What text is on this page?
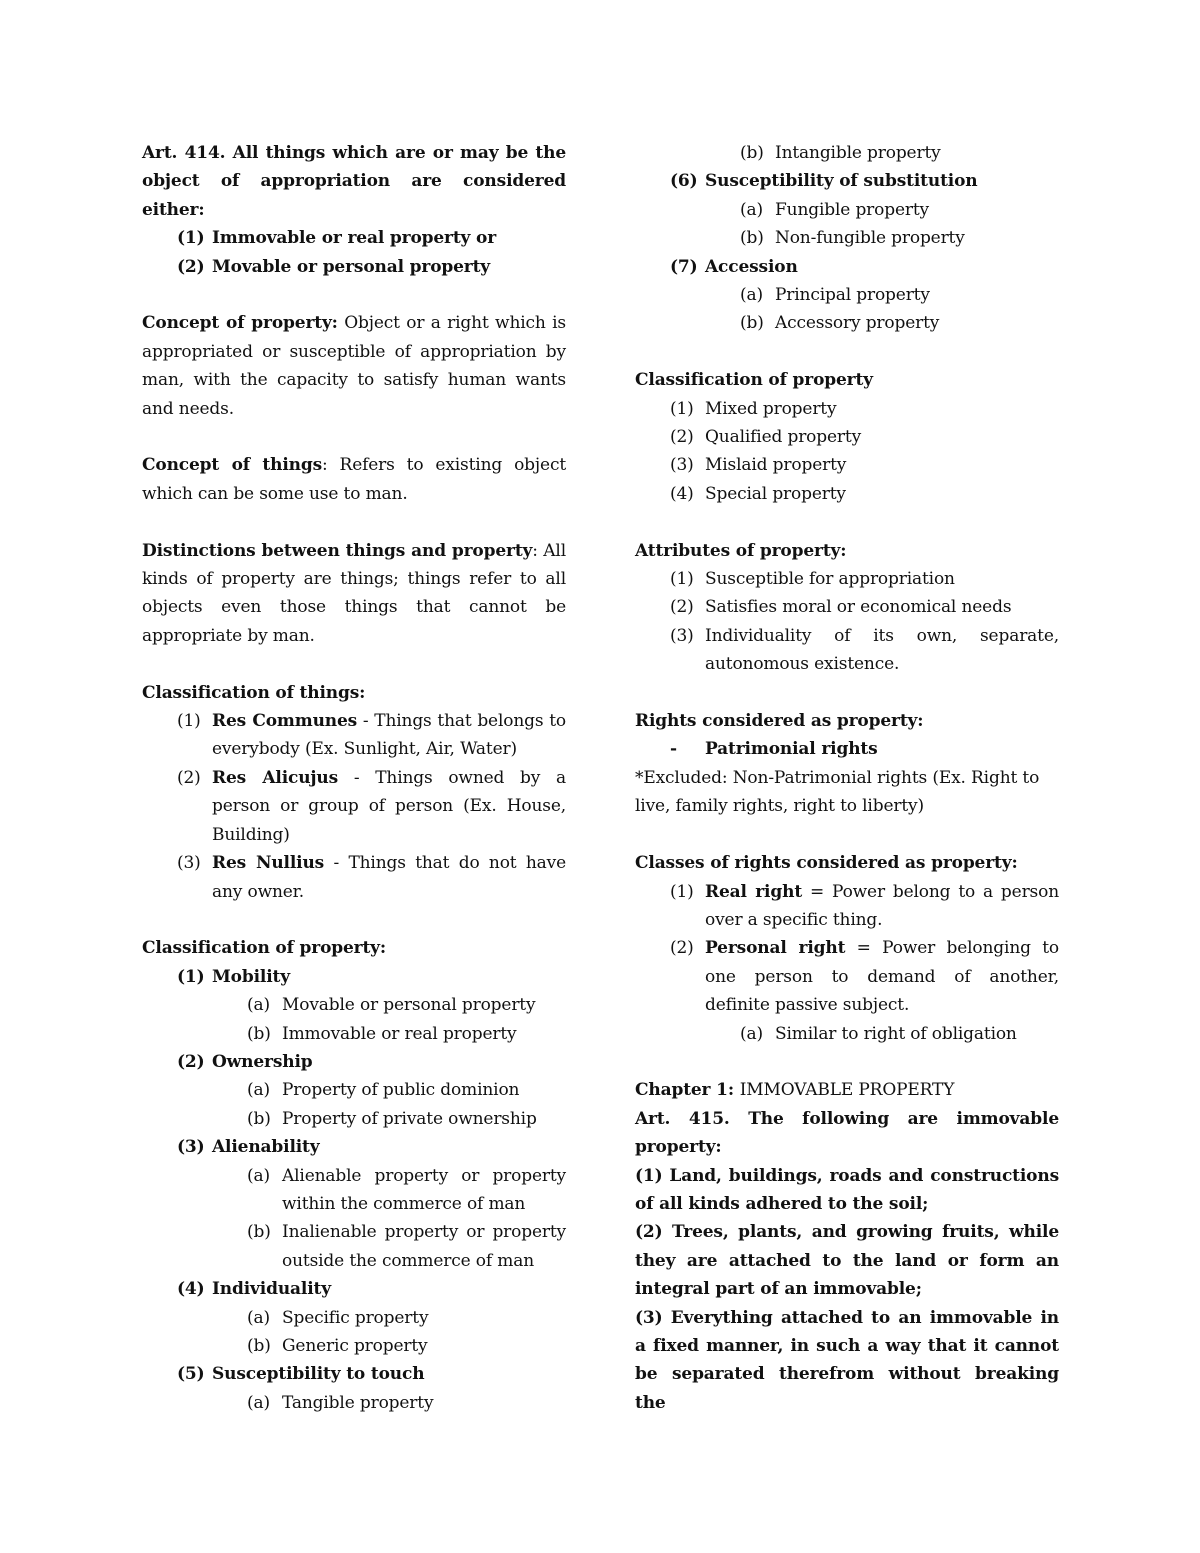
Art. 414. All things which are or may be the object of appropriation are considered either:
(1) Immovable or real property or
(2) Movable or personal property
Concept of property: Object or a right which is appropriated or susceptible of appropriation by man, with the capacity to satisfy human wants and needs.
Concept of things: Refers to existing object which can be some use to man.
Distinctions between things and property: All kinds of property are things; things refer to all objects even those things that cannot be appropriate by man.
Classification of things:
(1) Res Communes - Things that belongs to everybody (Ex. Sunlight, Air, Water)
(2) Res Alicujus - Things owned by a person or group of person (Ex. House, Building)
(3) Res Nullius - Things that do not have any owner.
Classification of property:
(1) Mobility
(a) Movable or personal property
(b) Immovable or real property
(2) Ownership
(a) Property of public dominion
(b) Property of private ownership
(3) Alienability
(a) Alienable property or property within the commerce of man
(b) Inalienable property or property outside the commerce of man
(4) Individuality
(a) Specific property
(b) Generic property
(5) Susceptibility to touch
(a) Tangible property
(b) Intangible property
(6) Susceptibility of substitution
(a) Fungible property
(b) Non-fungible property
(7) Accession
(a) Principal property
(b) Accessory property
Classification of property
(1) Mixed property
(2) Qualified property
(3) Mislaid property
(4) Special property
Attributes of property:
(1) Susceptible for appropriation
(2) Satisfies moral or economical needs
(3) Individuality of its own, separate, autonomous existence.
Rights considered as property:
-	Patrimonial rights
*Excluded: Non-Patrimonial rights (Ex. Right to live, family rights, right to liberty)
Classes of rights considered as property:
(1) Real right = Power belong to a person over a specific thing.
(2) Personal right = Power belonging to one person to demand of another, definite passive subject.
(a) Similar to right of obligation
Chapter 1: IMMOVABLE PROPERTY
Art. 415. The following are immovable property:
(1) Land, buildings, roads and constructions of all kinds adhered to the soil;
(2) Trees, plants, and growing fruits, while they are attached to the land or form an integral part of an immovable;
(3) Everything attached to an immovable in a fixed manner, in such a way that it cannot be separated therefrom without breaking the
